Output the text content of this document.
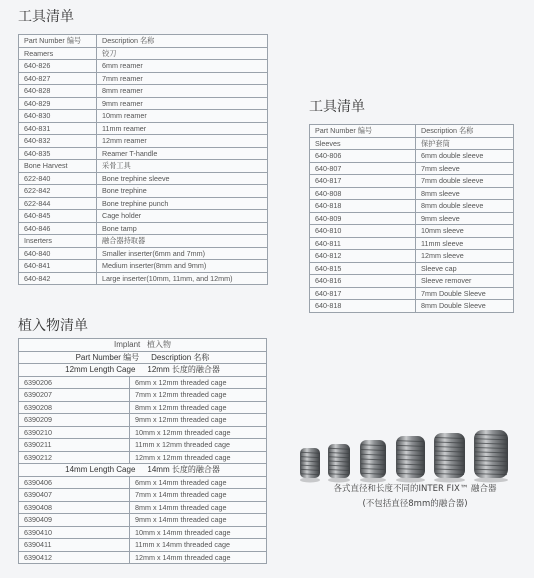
工具清单
Part Number 编号	Description 名称
Reamers	铰刀
640-826	6mm reamer
640-827	7mm reamer
640-828	8mm reamer
640-829	9mm reamer
640-830	10mm reamer
640-831	11mm reamer
640-832	12mm reamer
640-835	Reamer T-handle
Bone Harvest	采骨工具
622-840	Bone trephine sleeve
622-842	Bone trephine
622-844	Bone trephine punch
640-845	Cage holder
640-846	Bone tamp
Inserters	融合器持取器
640-840	Smaller inserter(6mm and 7mm)
640-841	Medium inserter(8mm and 9mm)
640-842	Large inserter(10mm, 11mm, and 12mm)
工具清单
Part Number 编号	Description 名称
Sleeves	保护套筒
640-806	6mm double sleeve
640-807	7mm sleeve
640-817	7mm double sleeve
640-808	8mm sleeve
640-818	8mm double sleeve
640-809	9mm sleeve
640-810	10mm sleeve
640-811	11mm sleeve
640-812	12mm sleeve
640-815	Sleeve cap
640-816	Sleeve remover
640-817	7mm Double Sleeve
640-818	8mm Double Sleeve
植入物清单
Implant   植入物	
Part Number 编号 Description 名称	
12mm Length Cage 12mm 长度的融合器	
6390206	6mm x 12mm threaded cage
6390207	7mm x 12mm threaded cage
6390208	8mm x 12mm threaded cage
6390209	9mm x 12mm threaded cage
6390210	10mm x 12mm threaded cage
6390211	11mm x 12mm threaded cage
6390212	12mm x 12mm threaded cage
14mm Length Cage 14mm 长度的融合器	
6390406	6mm x 14mm threaded cage
6390407	7mm x 14mm threaded cage
6390408	8mm x 14mm threaded cage
6390409	9mm x 14mm threaded cage
6390410	10mm x 14mm threaded cage
6390411	11mm x 14mm threaded cage
6390412	12mm x 14mm threaded cage
各式直径和长度不同的INTER FIX™ 融合器
(不包括直径8mm的融合器)
